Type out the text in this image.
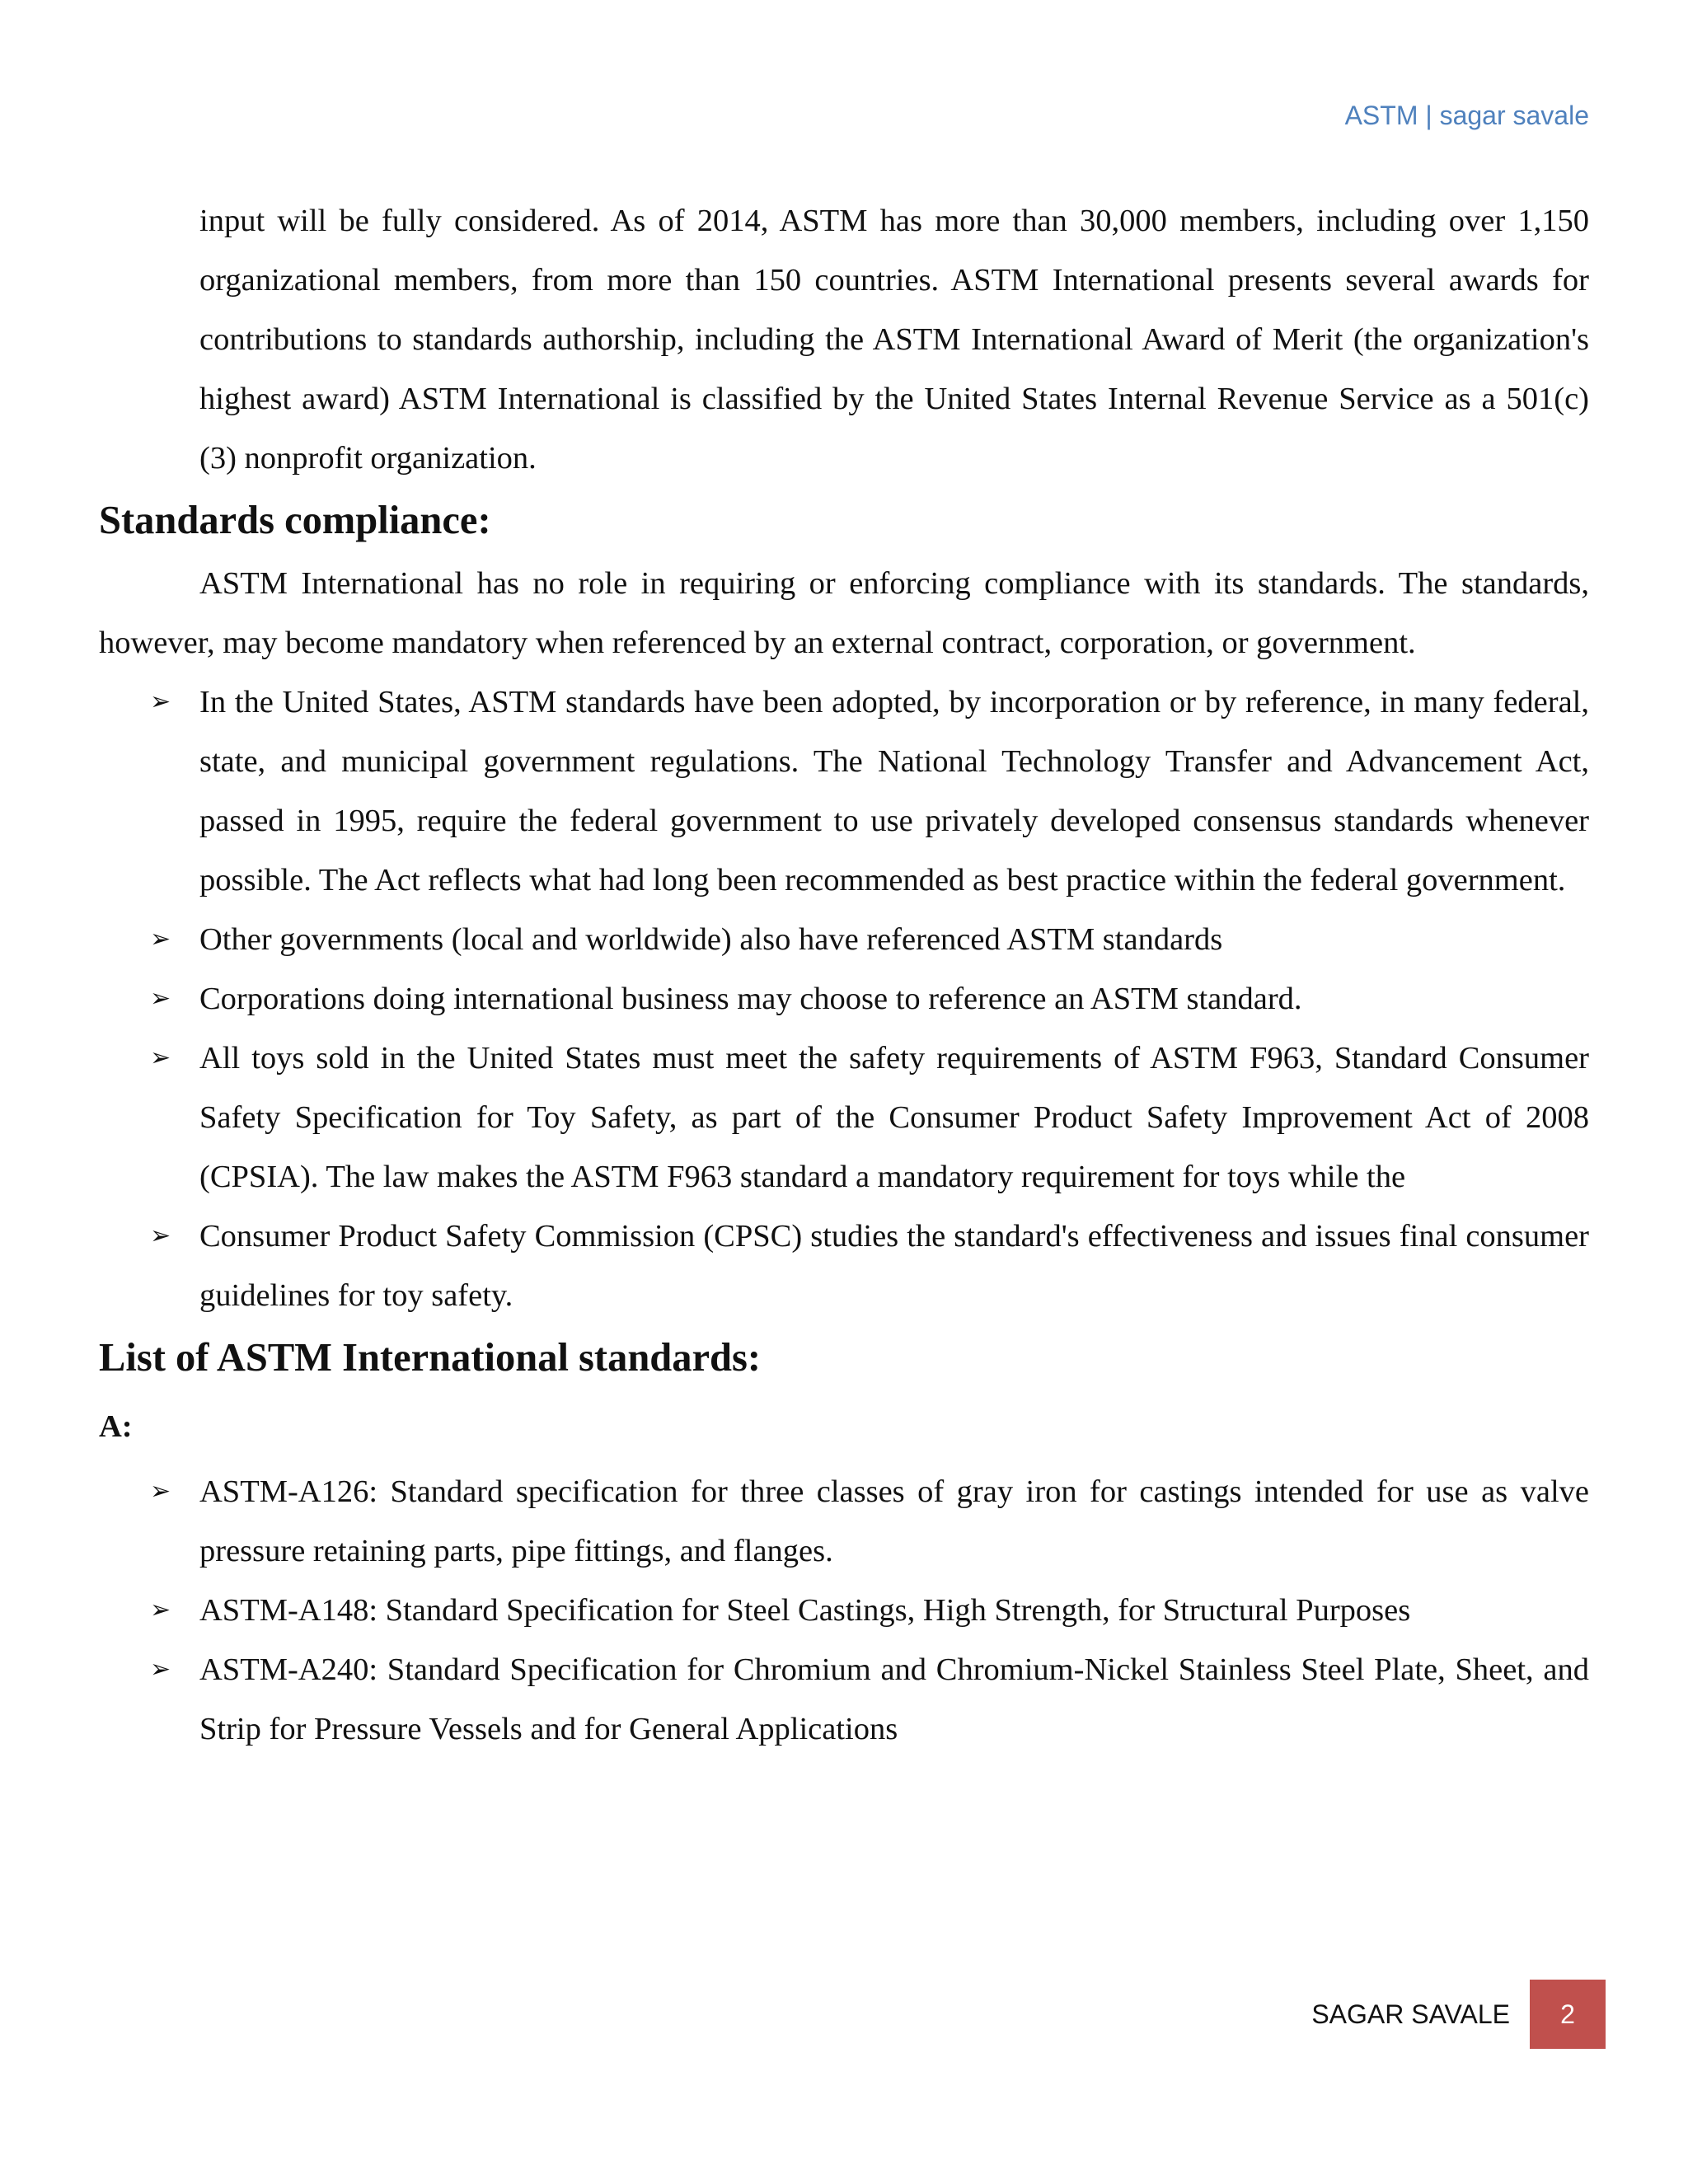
ASTM | sagar savale

input will be fully considered. As of 2014, ASTM has more than 30,000 members, including over 1,150 organizational members, from more than 150 countries. ASTM International presents several awards for contributions to standards authorship, including the ASTM International Award of Merit (the organization's highest award) ASTM International is classified by the United States Internal Revenue Service as a 501(c) (3) nonprofit organization.

Standards compliance:

ASTM International has no role in requiring or enforcing compliance with its standards. The standards, however, may become mandatory when referenced by an external contract, corporation, or government.

➢ In the United States, ASTM standards have been adopted, by incorporation or by reference, in many federal, state, and municipal government regulations. The National Technology Transfer and Advancement Act, passed in 1995, require the federal government to use privately developed consensus standards whenever possible. The Act reflects what had long been recommended as best practice within the federal government.
➢ Other governments (local and worldwide) also have referenced ASTM standards
➢ Corporations doing international business may choose to reference an ASTM standard.
➢ All toys sold in the United States must meet the safety requirements of ASTM F963, Standard Consumer Safety Specification for Toy Safety, as part of the Consumer Product Safety Improvement Act of 2008 (CPSIA). The law makes the ASTM F963 standard a mandatory requirement for toys while the
➢ Consumer Product Safety Commission (CPSC) studies the standard's effectiveness and issues final consumer guidelines for toy safety.
List of ASTM International standards:
A:
➢ ASTM-A126: Standard specification for three classes of gray iron for castings intended for use as valve pressure retaining parts, pipe fittings, and flanges.
➢ ASTM-A148: Standard Specification for Steel Castings, High Strength, for Structural Purposes
➢ ASTM-A240: Standard Specification for Chromium and Chromium-Nickel Stainless Steel Plate, Sheet, and Strip for Pressure Vessels and for General Applications
SAGAR SAVALE	2
